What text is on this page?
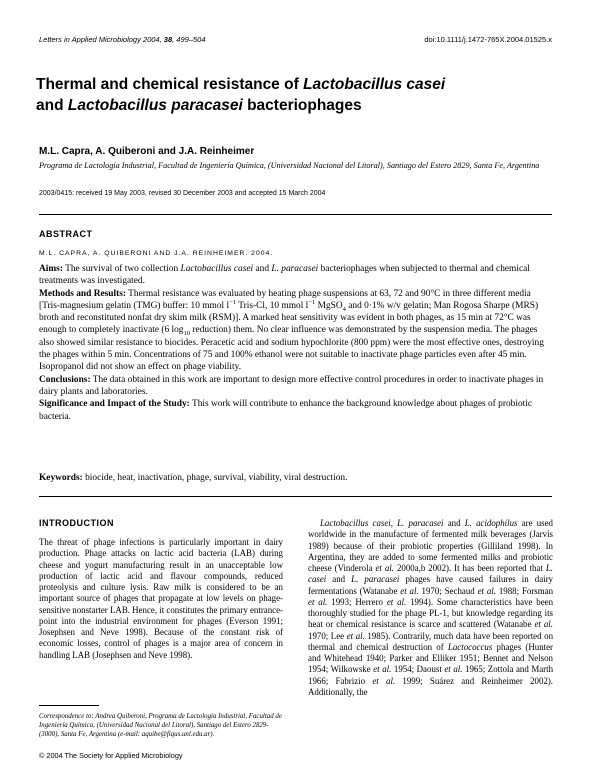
Letters in Applied Microbiology 2004, 38, 499–504	doi:10.1111/j.1472-765X.2004.01525.x
Thermal and chemical resistance of Lactobacillus casei
and Lactobacillus paracasei bacteriophages
M.L. Capra, A. Quiberoni and J.A. Reinheimer
Programa de Lactología Industrial, Facultad de Ingeniería Química, (Universidad Nacional del Litoral), Santiago del Estero 2829, Santa Fe, Argentina
2003/0415: received 19 May 2003, revised 30 December 2003 and accepted 15 March 2004
ABSTRACT
M.L. CAPRA, A. QUIBERONI AND J.A. REINHEIMER. 2004.

Aims: The survival of two collection Lactobacillus casei and L. paracasei bacteriophages when subjected to thermal and chemical treatments was investigated.

Methods and Results: Thermal resistance was evaluated by heating phage suspensions at 63, 72 and 90°C in three different media [Tris-magnesium gelatin (TMG) buffer: 10 mmol $l^{-1}$ Tris-Cl, 10 mmol $l^{-1}$ MgSO$_4$ and 0·1% w/v gelatin; Man Rogosa Sharpe (MRS) broth and reconstituted nonfat dry skim milk (RSM)]. A marked heat sensitivity was evident in both phages, as 15 min at 72°C was enough to completely inactivate (6 $\log_{10}$ reduction) them. No clear influence was demonstrated by the suspension media. The phages also showed similar resistance to biocides. Peracetic acid and sodium hypochlorite (800 ppm) were the most effective ones, destroying the phages within 5 min. Concentrations of 75 and 100% ethanol were not suitable to inactivate phage particles even after 45 min. Isopropanol did not show an effect on phage viability.

Conclusions: The data obtained in this work are important to design more effective control procedures in order to inactivate phages in dairy plants and laboratories.

Significance and Impact of the Study: This work will contribute to enhance the background knowledge about phages of probiotic bacteria.

Keywords: biocide, heat, inactivation, phage, survival, viability, viral destruction.
INTRODUCTION

The threat of phage infections is particularly important in dairy production. Phage attacks on lactic acid bacteria (LAB) during cheese and yogurt manufacturing result in an unacceptable low production of lactic acid and flavour compounds, reduced proteolysis and culture lysis. Raw milk is considered to be an important source of phages that propagate at low levels on phage-sensitive nonstarter LAB. Hence, it constitutes the primary entrance-point into the industrial environment for phages (Everson 1991; Josephsen and Neve 1998). Because of the constant risk of economic losses, control of phages is a major area of concern in handling LAB (Josephsen and Neve 1998).

Lactobacillus casei, L. paracasei and L. acidophilus are used worldwide in the manufacture of fermented milk beverages (Jarvis 1989) because of their probiotic properties (Gilliland 1998). In Argentina, they are added to some fermented milks and probiotic cheese (Vinderola et al. 2000a,b 2002). It has been reported that L. casei and L. paracasei phages have caused failures in dairy fermentations (Watanabe et al. 1970; Sechaud et al. 1988; Forsman et al. 1993; Herrero et al. 1994). Some characteristics have been thoroughly studied for the phage PL-1, but knowledge regarding its heat or chemical resistance is scarce and scattered (Watanabe et al. 1970; Lee et al. 1985). Contrarily, much data have been reported on thermal and chemical destruction of Lactococcus phages (Hunter and Whitehead 1940; Parker and Elliker 1951; Bennet and Nelson 1954; Wilkowske et al. 1954; Daoust et al. 1965; Zottola and Marth 1966; Fabrizio et al. 1999; Suárez and Reinheimer 2002). Additionally, the

Correspondence to: Andrea Quiberoni, Programa de Lactología Industrial, Facultad de Ingeniería Química, (Universidad Nacional del Litoral), Santiago del Estero 2829-(3000), Santa Fe, Argentina (e-mail: aquibe@fiqus.unl.edu.ar).
© 2004 The Society for Applied Microbiology
